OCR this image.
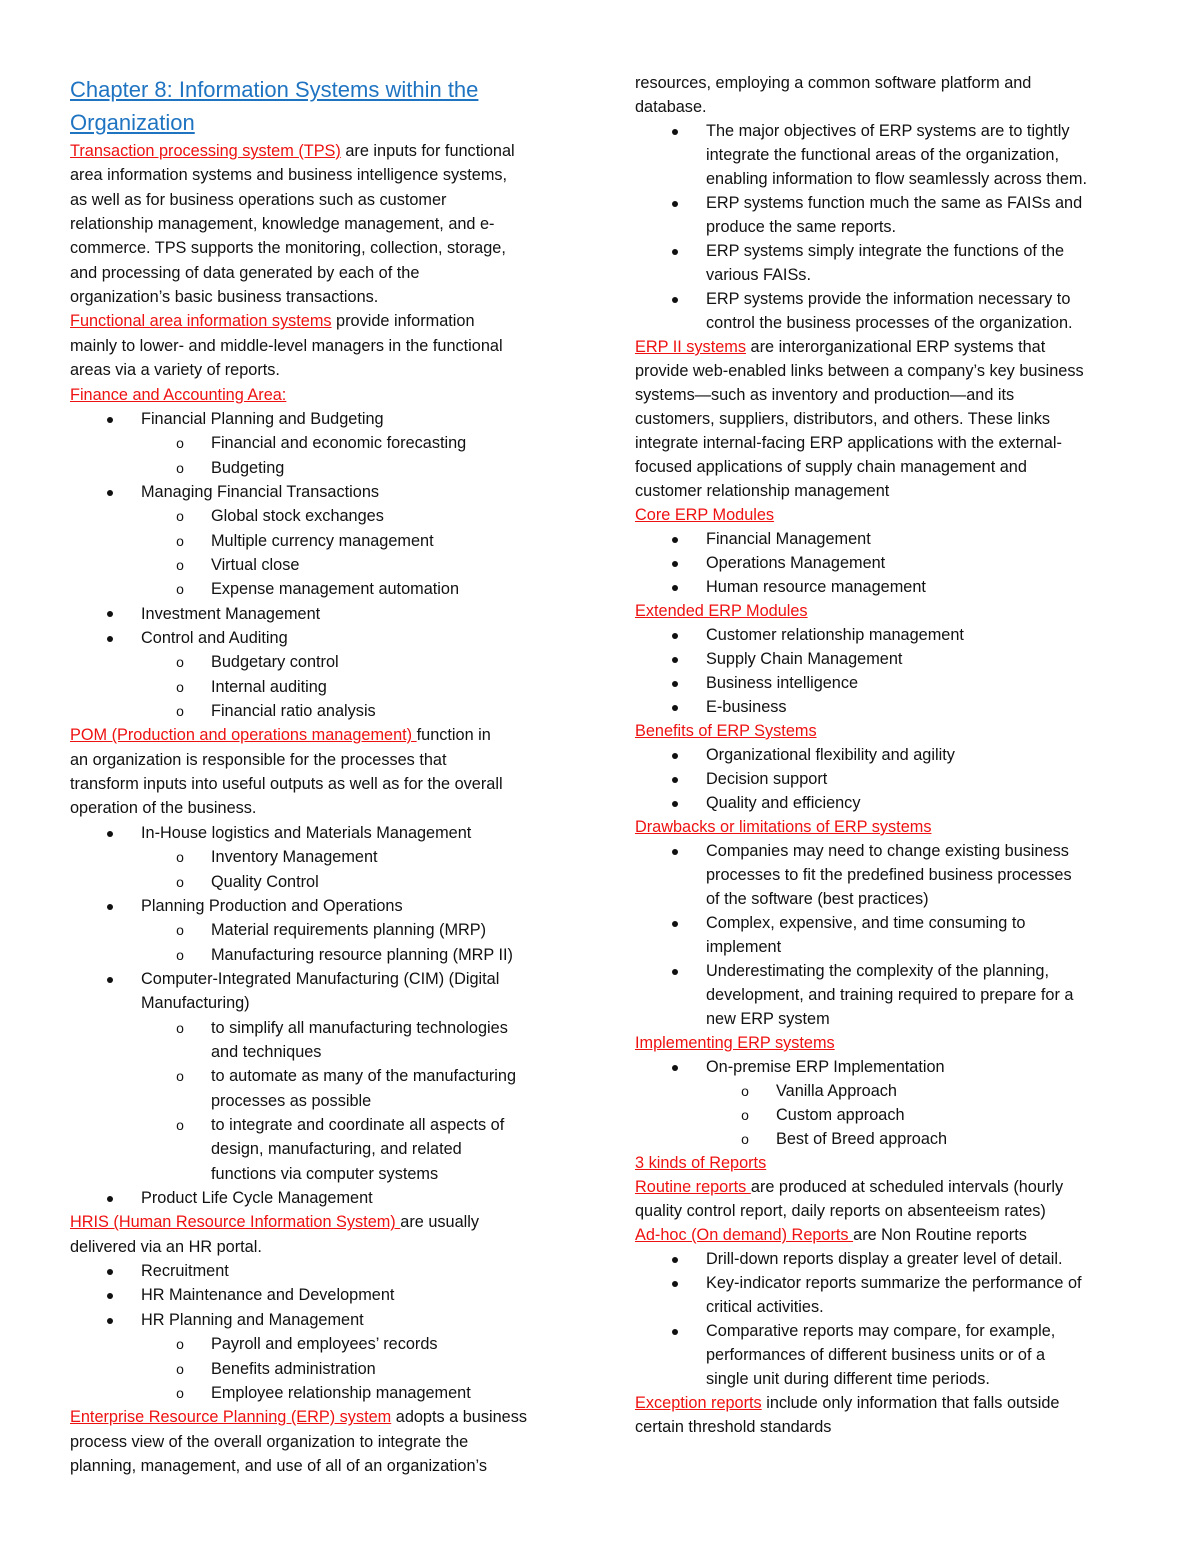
Chapter 8: Information Systems within the
Organization
Transaction processing system (TPS) are inputs for functional
area information systems and business intelligence systems,
as well as for business operations such as customer
relationship management, knowledge management, and e-
commerce. TPS supports the monitoring, collection, storage,
and processing of data generated by each of the
organization’s basic business transactions.
Functional area information systems provide information
mainly to lower- and middle-level managers in the functional
areas via a variety of reports.
Finance and Accounting Area:
Financial Planning and Budgeting
o Financial and economic forecasting
o Budgeting
Managing Financial Transactions
o Global stock exchanges
o Multiple currency management
o Virtual close
o Expense management automation
Investment Management
Control and Auditing
o Budgetary control
o Internal auditing
o Financial ratio analysis
POM (Production and operations management) function in
an organization is responsible for the processes that
transform inputs into useful outputs as well as for the overall
operation of the business.
In-House logistics and Materials Management
o Inventory Management
o Quality Control
Planning Production and Operations
o Material requirements planning (MRP)
o Manufacturing resource planning (MRP II)
Computer-Integrated Manufacturing (CIM) (Digital
Manufacturing)
o to simplify all manufacturing technologies
and techniques
o to automate as many of the manufacturing
processes as possible
o to integrate and coordinate all aspects of
design, manufacturing, and related
functions via computer systems
Product Life Cycle Management
HRIS (Human Resource Information System) are usually
delivered via an HR portal.
Recruitment
HR Maintenance and Development
HR Planning and Management
o Payroll and employees’ records
o Benefits administration
o Employee relationship management
Enterprise Resource Planning (ERP) system adopts a business
process view of the overall organization to integrate the
planning, management, and use of all of an organization’s
resources, employing a common software platform and
database.
The major objectives of ERP systems are to tightly
integrate the functional areas of the organization,
enabling information to flow seamlessly across them.
ERP systems function much the same as FAISs and
produce the same reports.
ERP systems simply integrate the functions of the
various FAISs.
ERP systems provide the information necessary to
control the business processes of the organization.
ERP II systems are interorganizational ERP systems that
provide web-enabled links between a company’s key business
systems—such as inventory and production—and its
customers, suppliers, distributors, and others. These links
integrate internal-facing ERP applications with the external-
focused applications of supply chain management and
customer relationship management
Core ERP Modules
Financial Management
Operations Management
Human resource management
Extended ERP Modules
Customer relationship management
Supply Chain Management
Business intelligence
E-business
Benefits of ERP Systems
Organizational flexibility and agility
Decision support
Quality and efficiency
Drawbacks or limitations of ERP systems
Companies may need to change existing business
processes to fit the predefined business processes
of the software (best practices)
Complex, expensive, and time consuming to
implement
Underestimating the complexity of the planning,
development, and training required to prepare for a
new ERP system
Implementing ERP systems
On-premise ERP Implementation
o Vanilla Approach
o Custom approach
o Best of Breed approach
3 kinds of Reports
Routine reports are produced at scheduled intervals (hourly
quality control report, daily reports on absenteeism rates)
Ad-hoc (On demand) Reports are Non Routine reports
Drill-down reports display a greater level of detail.
Key-indicator reports summarize the performance of
critical activities.
Comparative reports may compare, for example,
performances of different business units or of a
single unit during different time periods.
Exception reports include only information that falls outside
certain threshold standards
